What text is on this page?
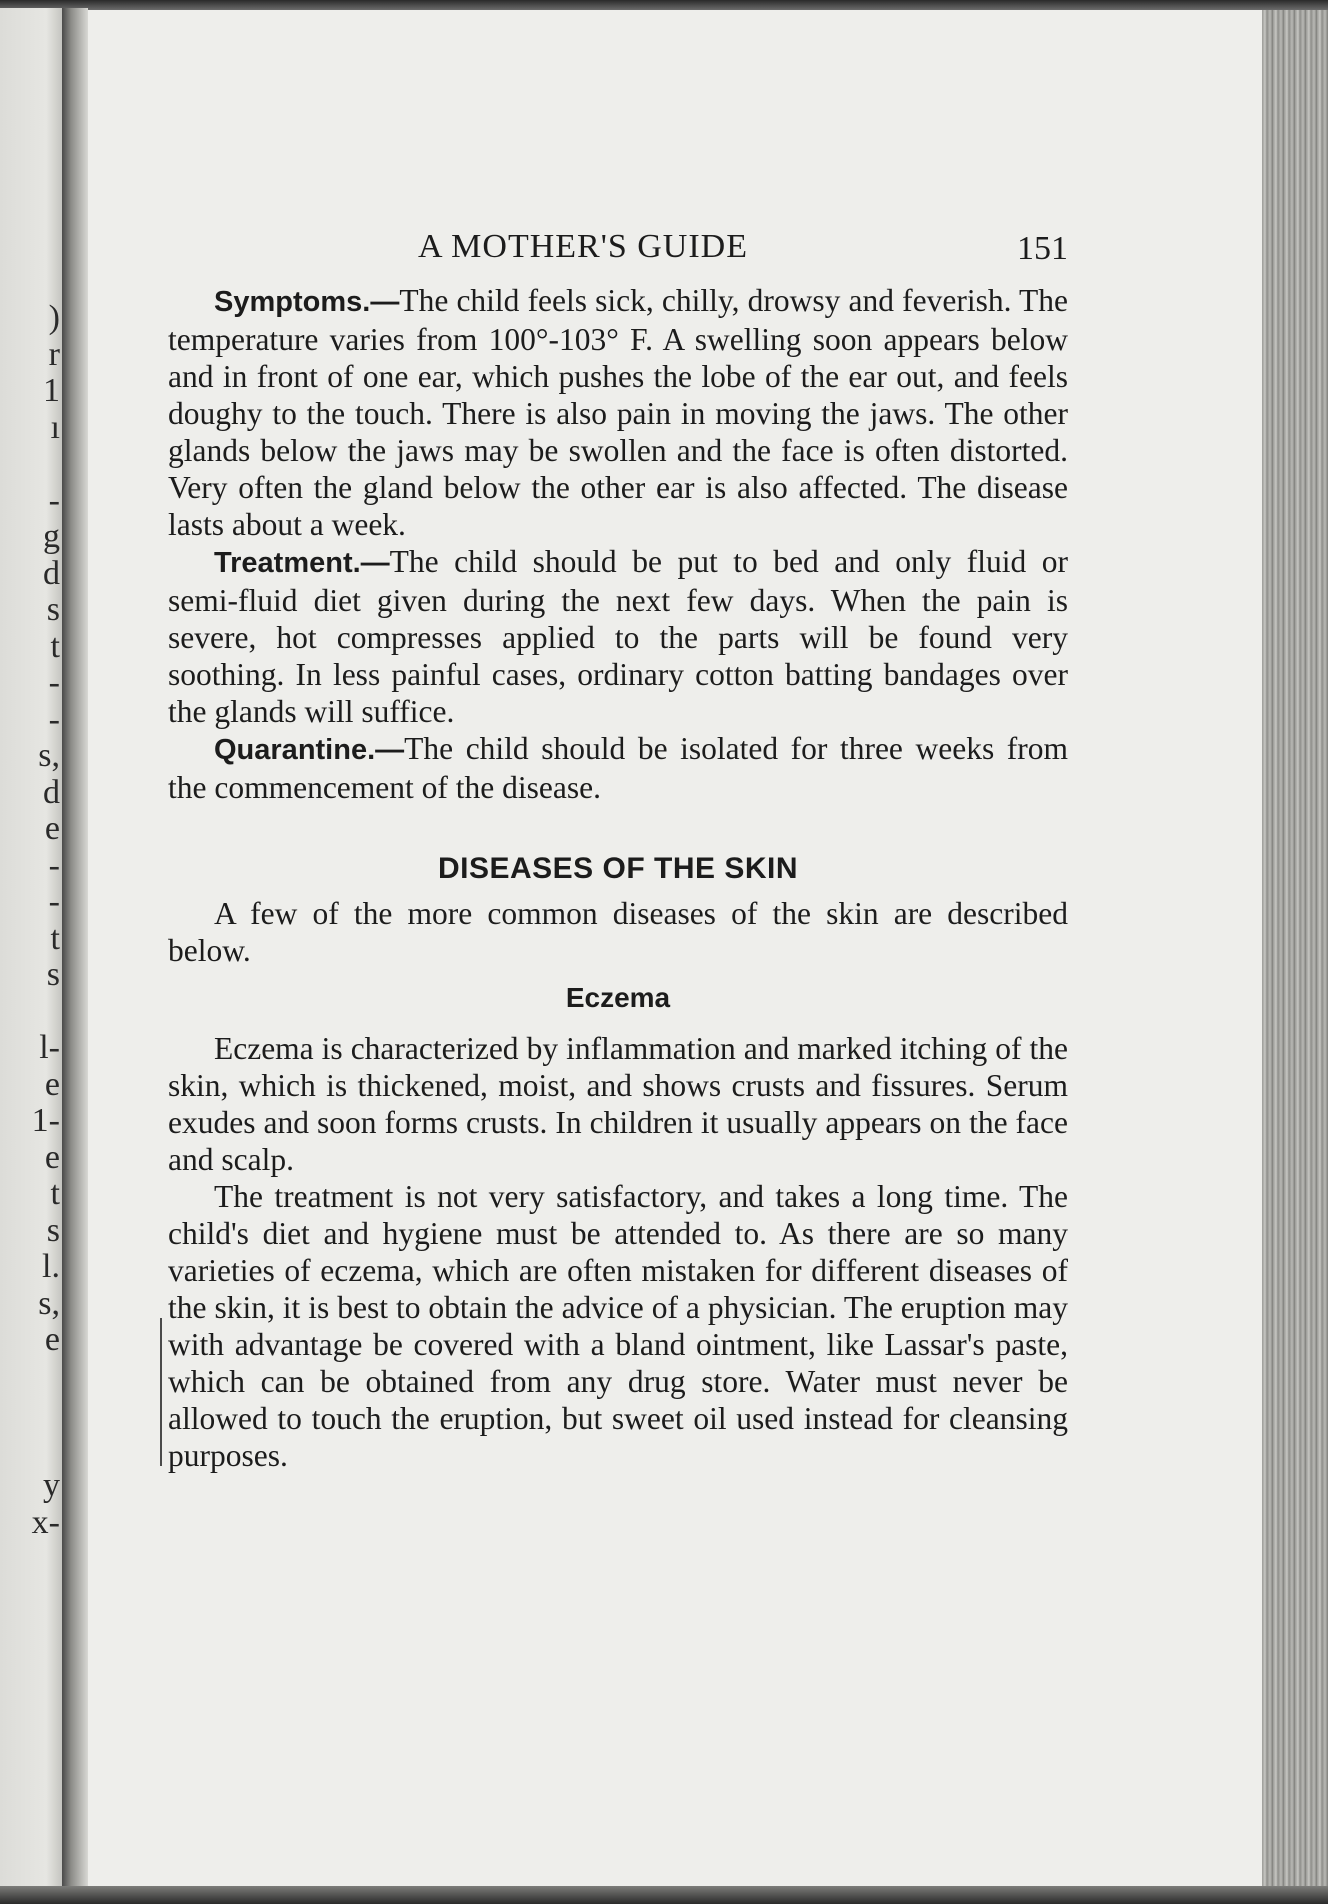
)
r
1
ı
-
g
d
s
t
-
-
s,
d
e
-
-
t
s
l-
e
1-
e
t
s
l.
s,
e
y
x-
A MOTHER'S GUIDE	151

Symptoms.—The child feels sick, chilly, drowsy and feverish. The temperature varies from 100°-103° F. A swelling soon appears below and in front of one ear, which pushes the lobe of the ear out, and feels doughy to the touch. There is also pain in moving the jaws. The other glands below the jaws may be swollen and the face is often distorted. Very often the gland below the other ear is also affected. The disease lasts about a week.

Treatment.—The child should be put to bed and only fluid or semi-fluid diet given during the next few days. When the pain is severe, hot compresses applied to the parts will be found very soothing. In less painful cases, ordinary cotton batting bandages over the glands will suffice.

Quarantine.—The child should be isolated for three weeks from the commencement of the disease.

DISEASES OF THE SKIN

A few of the more common diseases of the skin are described below.

Eczema

Eczema is characterized by inflammation and marked itching of the skin, which is thickened, moist, and shows crusts and fissures. Serum exudes and soon forms crusts. In children it usually appears on the face and scalp.

The treatment is not very satisfactory, and takes a long time. The child's diet and hygiene must be attended to. As there are so many varieties of eczema, which are often mistaken for different diseases of the skin, it is best to obtain the advice of a physician. The eruption may with advantage be covered with a bland ointment, like Lassar's paste, which can be obtained from any drug store. Water must never be allowed to touch the eruption, but sweet oil used instead for cleansing purposes.
